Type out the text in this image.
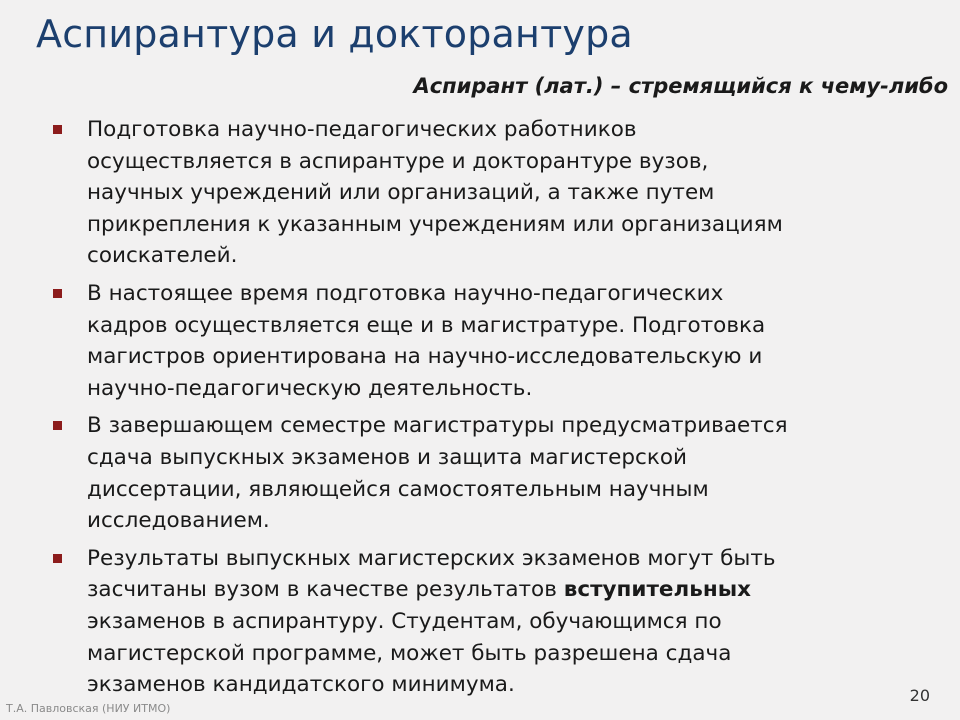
Аспирантура и докторантура

Аспирант (лат.) – стремящийся к чему-либо

Подготовка научно-педагогических работников
осуществляется в аспирантуре и докторантуре вузов,
научных учреждений или организаций, а также путем
прикрепления к указанным учреждениям или организациям
соискателей.
В настоящее время подготовка научно-педагогических
кадров осуществляется еще и в магистратуре. Подготовка
магистров ориентирована на научно-исследовательскую и
научно-педагогическую деятельность.
В завершающем семестре магистратуры предусматривается
сдача выпускных экзаменов и защита магистерской
диссертации, являющейся самостоятельным научным
исследованием.
Результаты выпускных магистерских экзаменов могут быть
засчитаны вузом в качестве результатов вступительных
экзаменов в аспирантуру. Студентам, обучающимся по
магистерской программе, может быть разрешена сдача
экзаменов кандидатского минимума.
Т.А. Павловская (НИУ ИТМО)
20
